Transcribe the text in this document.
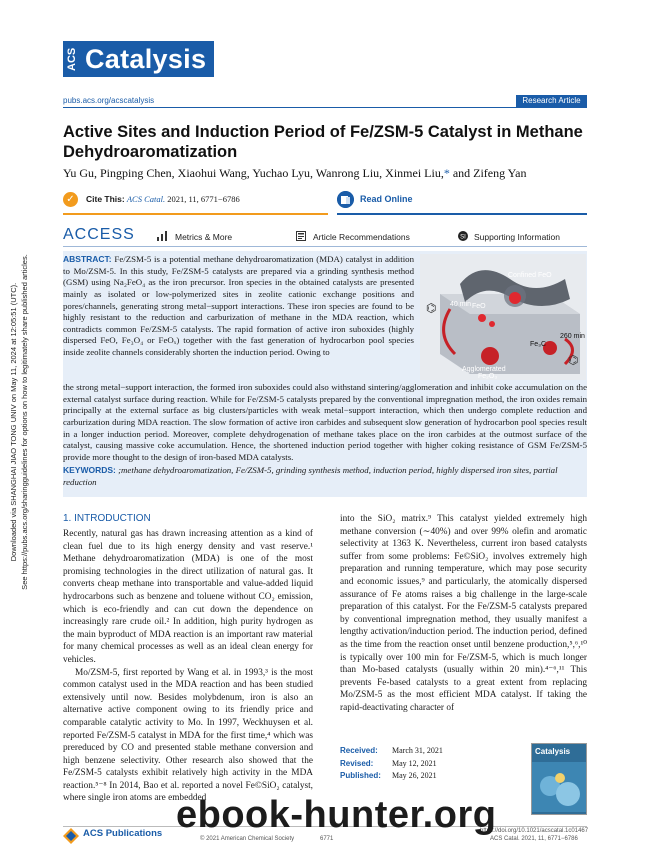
Downloaded via SHANGHAI JIAO TONG UNIV on May 11, 2024 at 12:05:51 (UTC). See https://pubs.acs.org/sharingguidelines for options on how to legitimately share published articles.
ACS Catalysis
pubs.acs.org/acscatalysis	Research Article
Active Sites and Induction Period of Fe/ZSM-5 Catalyst in Methane Dehydroaromatization
Yu Gu, Pingping Chen, Xiaohui Wang, Yuchao Lyu, Wanrong Liu, Xinmei Liu,* and Zifeng Yan
✓	Cite This: ACS Catal. 2021, 11, 6771−6786	Read Online
ACCESS	Metrics & More	Article Recommendations	SI Supporting Information
ABSTRACT: Fe/ZSM-5 is a potential methane dehydroaromatization (MDA) catalyst in addition to Mo/ZSM-5. In this study, Fe/ZSM-5 catalysts are prepared via a grinding synthesis method (GSM) using Na₂FeO₄ as the iron precursor. Iron species in the obtained catalysts are presented mainly as isolated or low-polymerized sites in zeolite cationic exchange positions and pores/channels, generating strong metal−support interactions. These iron species are found to be highly resistant to the reduction and carburization of methane in the MDA reaction, which contradicts common Fe/ZSM-5 catalysts. The rapid formation of active iron suboxides (highly dispersed FeO, Fe₃O₄ or FeOₓ) together with the fast generation of hydrocarbon pool species inside zeolite channels considerably shorten the induction period. Owing to
the strong metal−support interaction, the formed iron suboxides could also withstand sintering/agglomeration and inhibit coke accumulation on the external catalyst surface during reaction. While for Fe/ZSM-5 catalysts prepared by the conventional impregnation method, the iron oxides remain principally at the external surface as big clusters/particles with weak metal−support interaction, which then undergo complete reduction and carburization during MDA reaction. The slow formation of active iron carbides and subsequent slow generation of hydrocarbon pool species result in a longer induction period. Moreover, complete dehydrogenation of methane takes place on the iron carbides at the outmost surface of the catalyst, causing massive coke accumulation. Hence, the shortened induction period together with higher coking resistance of GSM Fe/ZSM-5 provide more thought to the design of iron-based MDA catalysts.
⌬
⌬
Confined FeO
40 min FeO
Fe₃C
260 min
Agglomerated
Fe₂O₃
KEYWORDS: ;methane dehydroaromatization, Fe/ZSM-5, grinding synthesis method, induction period, highly dispersed iron sites, partial reduction
1. INTRODUCTION

Recently, natural gas has drawn increasing attention as a kind of clean fuel due to its high energy density and vast reserve.¹ Methane dehydroaromatization (MDA) is one of the most promising technologies in the direct utilization of natural gas. It converts cheap methane into transportable and value-added liquid hydrocarbons such as benzene and toluene without CO₂ emission, which is eco-friendly and can cut down the dependence on increasingly rare crude oil.² In addition, high purity hydrogen as the main byproduct of MDA reaction is an important raw material for many chemical processes as well as an ideal clean energy for vehicles.

Mo/ZSM-5, first reported by Wang et al. in 1993,³ is the most common catalyst used in the MDA reaction and has been studied extensively until now. Besides molybdenum, iron is also an alternative active component owing to its friendly price and comparable catalytic activity to Mo. In 1997, Weckhuysen et al. reported Fe/ZSM-5 catalyst in MDA for the first time,⁴ which was prereduced by CO and presented stable methane conversion and high benzene selectivity. Other research also showed that the Fe/ZSM-5 catalysts exhibit relatively high activity in the MDA reaction.⁵⁻⁸ In 2014, Bao et al. reported a novel Fe©SiO₂ catalyst, where single iron atoms are embedded

into the SiO₂ matrix.⁹ This catalyst yielded extremely high methane conversion (∼40%) and over 99% olefin and aromatic selectivity at 1363 K. Nevertheless, current iron based catalysts suffer from some problems: Fe©SiO₂ involves extremely high preparation and running temperature, which may pose security and economic issues,⁹ and particularly, the atomically dispersed assurance of Fe atoms raises a big challenge in the large-scale preparation of this catalyst. For the Fe/ZSM-5 catalysts prepared by conventional impregnation method, they usually manifest a lengthy activation/induction period. The induction period, defined as the time from the reaction onset until benzene production,⁵,⁶,¹⁰ is typically over 100 min for Fe/ZSM-5, which is much longer than Mo-based catalysts (usually within 20 min).⁴⁻⁶,¹¹ This prevents Fe-based catalysts to a great extent from replacing Mo/ZSM-5 as the most efficient MDA catalyst. If taking the rapid-deactivating character of

Received: March 31, 2021
Revised: May 12, 2021
Published: May 26, 2021
Catalysis
ACS Publications	© 2021 American Chemical Society	6771
https://doi.org/10.1021/acscatal.1c01467
ACS Catal. 2021, 11, 6771−6786
ebook-hunter.org
